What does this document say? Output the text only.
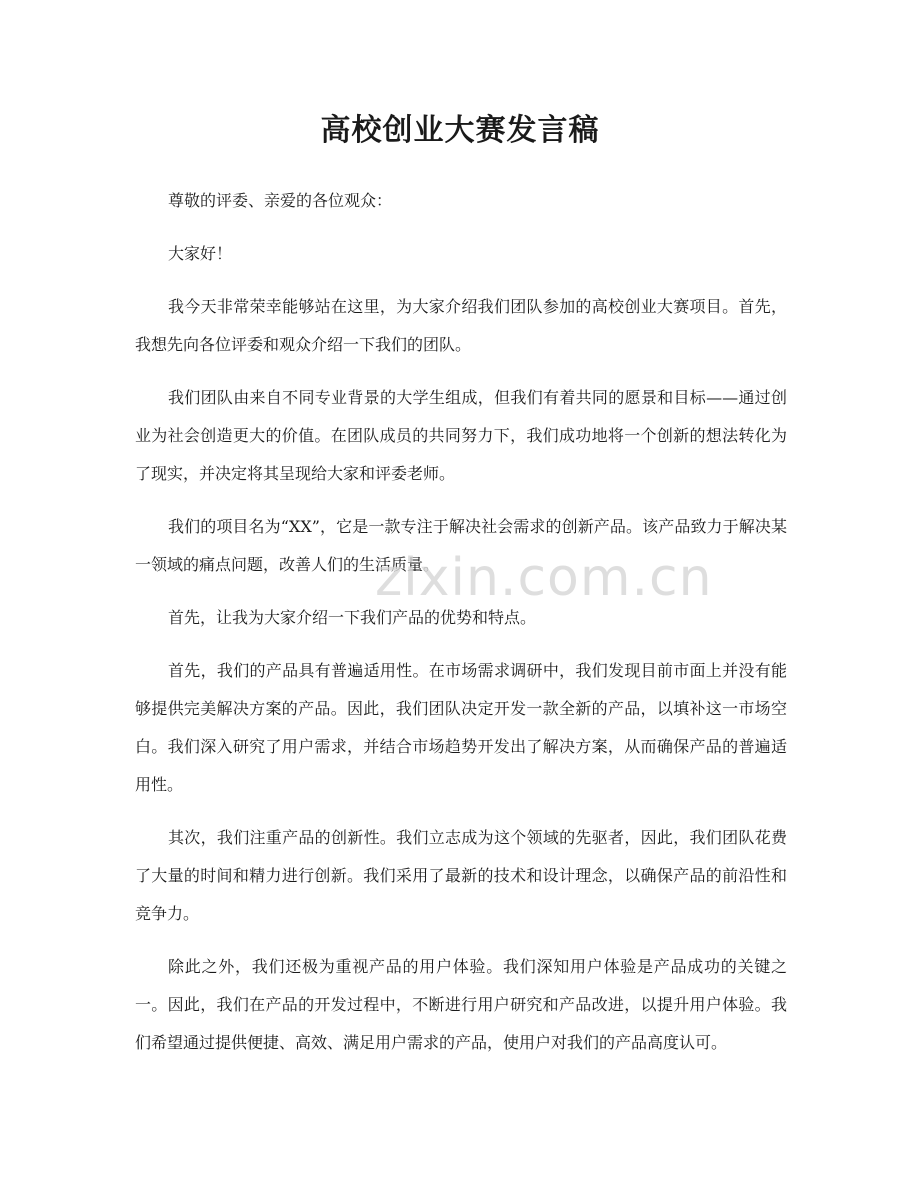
高校创业大赛发言稿

尊敬的评委、亲爱的各位观众：

大家好！

我今天非常荣幸能够站在这里，为大家介绍我们团队参加的高校创业大赛项目。首先，我想先向各位评委和观众介绍一下我们的团队。

我们团队由来自不同专业背景的大学生组成，但我们有着共同的愿景和目标——通过创业为社会创造更大的价值。在团队成员的共同努力下，我们成功地将一个创新的想法转化为了现实，并决定将其呈现给大家和评委老师。

我们的项目名为“XX”，它是一款专注于解决社会需求的创新产品。该产品致力于解决某一领域的痛点问题，改善人们的生活质量。

首先，让我为大家介绍一下我们产品的优势和特点。

首先，我们的产品具有普遍适用性。在市场需求调研中，我们发现目前市面上并没有能够提供完美解决方案的产品。因此，我们团队决定开发一款全新的产品，以填补这一市场空白。我们深入研究了用户需求，并结合市场趋势开发出了解决方案，从而确保产品的普遍适用性。

其次，我们注重产品的创新性。我们立志成为这个领域的先驱者，因此，我们团队花费了大量的时间和精力进行创新。我们采用了最新的技术和设计理念，以确保产品的前沿性和竞争力。

除此之外，我们还极为重视产品的用户体验。我们深知用户体验是产品成功的关键之一。因此，我们在产品的开发过程中，不断进行用户研究和产品改进，以提升用户体验。我们希望通过提供便捷、高效、满足用户需求的产品，使用户对我们的产品高度认可。

zixin.com.cn
